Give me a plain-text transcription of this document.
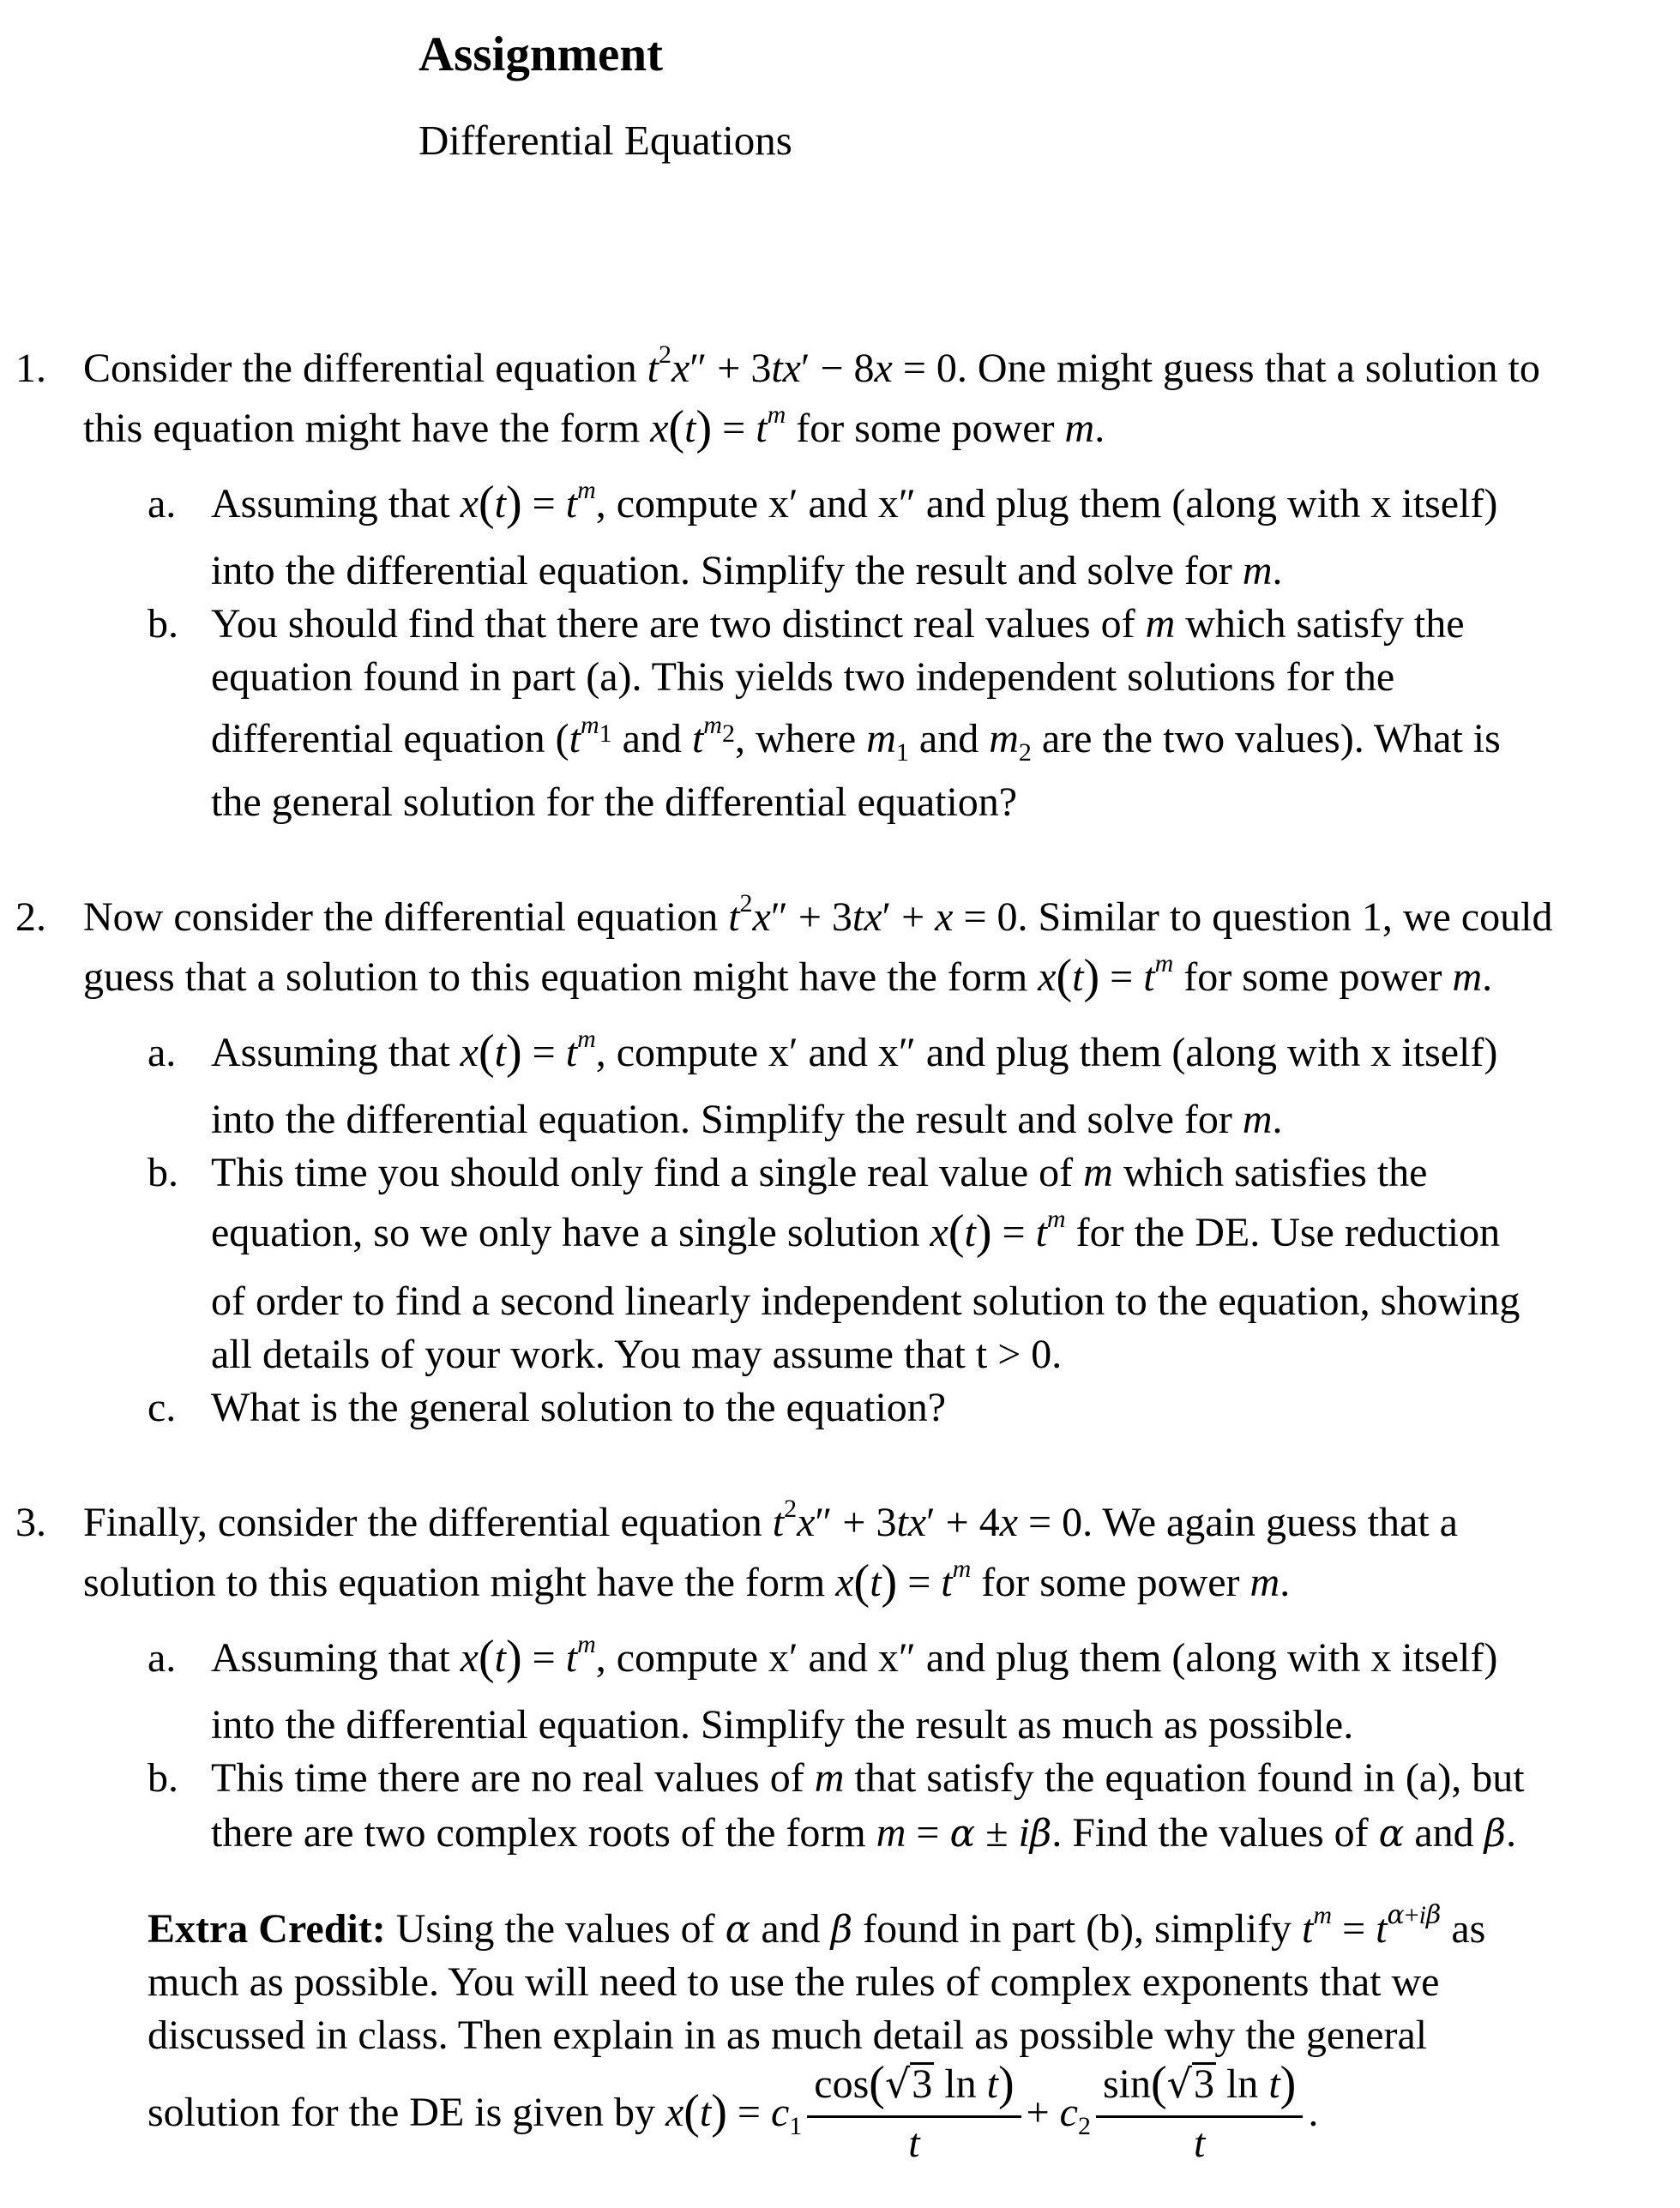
Assignment
Differential Equations
1. Consider the differential equation $t^2x'' + 3tx' - 8x = 0$. One might guess that a solution to
this equation might have the form $x(t) = t^m$ for some power m.
a. Assuming that $x(t) = t^m$, compute x′ and x″ and plug them (along with x itself)
into the differential equation. Simplify the result and solve for m.
b. You should find that there are two distinct real values of m which satisfy the
equation found in part (a). This yields two independent solutions for the
differential equation ($t^{m_1}$ and $t^{m_2}$, where $m_1$ and $m_2$ are the two values). What is
the general solution for the differential equation?
2. Now consider the differential equation $t^2x'' + 3tx' + x = 0$. Similar to question 1, we could
guess that a solution to this equation might have the form $x(t) = t^m$ for some power m.
a. Assuming that $x(t) = t^m$, compute x′ and x″ and plug them (along with x itself)
into the differential equation. Simplify the result and solve for m.
b. This time you should only find a single real value of m which satisfies the
equation, so we only have a single solution $x(t) = t^m$ for the DE. Use reduction
of order to find a second linearly independent solution to the equation, showing
all details of your work. You may assume that t > 0.
c. What is the general solution to the equation?
3. Finally, consider the differential equation $t^2x'' + 3tx' + 4x = 0$. We again guess that a
solution to this equation might have the form $x(t) = t^m$ for some power m.
a. Assuming that $x(t) = t^m$, compute x′ and x″ and plug them (along with x itself)
into the differential equation. Simplify the result as much as possible.
b. This time there are no real values of m that satisfy the equation found in (a), but
there are two complex roots of the form m = α ± iβ. Find the values of α and β.
Extra Credit: Using the values of α and β found in part (b), simplify $t^m = t^{\alpha+i\beta}$ as
much as possible. You will need to use the rules of complex exponents that we
discussed in class. Then explain in as much detail as possible why the general
solution for the DE is given by $x(t) = c_1 \frac{\text{cos(√3 ln t)}}{t} + c_2 \frac{\text{sin(√3 ln t)}}{t}$ .
